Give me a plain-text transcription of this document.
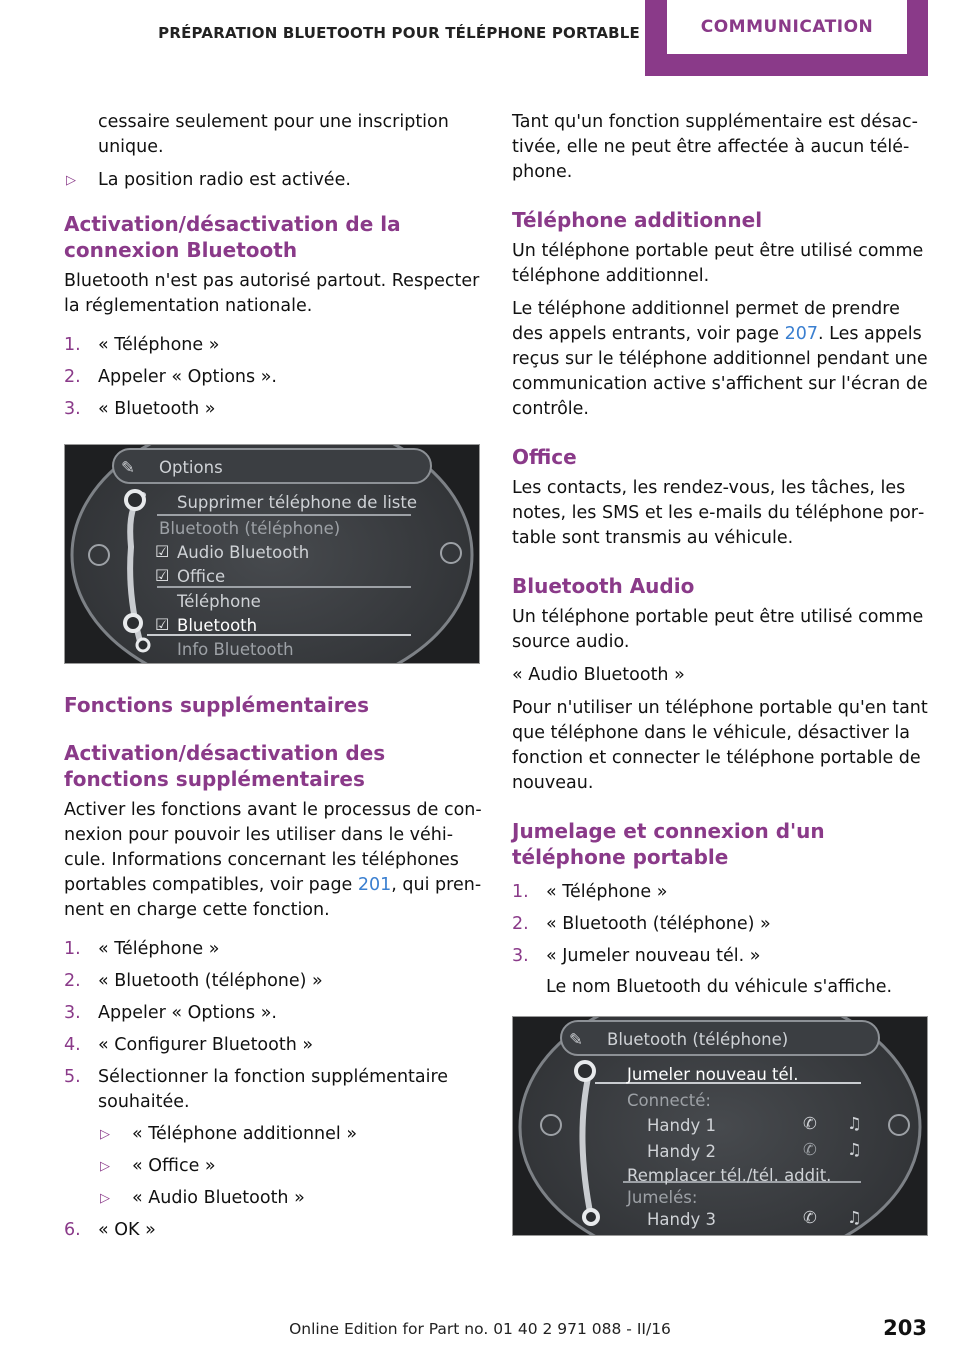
PRÉPARATION BLUETOOTH POUR TÉLÉPHONE PORTABLE	COMMUNICATION

cessaire seulement pour une inscription unique.

▷ La position radio est activée.
Activation/désactivation de la connexion Bluetooth

Bluetooth n'est pas autorisé partout. Respecter la réglementation nationale.

1. « Téléphone »
2. Appeler « Options ».
3. « Bluetooth »
✎ Options
Supprimer téléphone de liste
Bluetooth (téléphone)
☑ Audio Bluetooth
☑ Office
Téléphone
☑ Bluetooth
Info Bluetooth
Fonctions supplémentaires
Activation/désactivation des fonctions supplémentaires

Activer les fonctions avant le processus de connexion pour pouvoir les utiliser dans le véhicule. Informations concernant les téléphones portables compatibles, voir page 201, qui prennent en charge cette fonction.

1. « Téléphone »
2. « Bluetooth (téléphone) »
3. Appeler « Options ».
4. « Configurer Bluetooth »
5. Sélectionner la fonction supplémentaire souhaitée.
▷ « Téléphone additionnel »
▷ « Office »
▷ « Audio Bluetooth »
6. « OK »

Tant qu'un fonction supplémentaire est désactivée, elle ne peut être affectée à aucun téléphone.

Téléphone additionnel

Un téléphone portable peut être utilisé comme téléphone additionnel.

Le téléphone additionnel permet de prendre des appels entrants, voir page 207. Les appels reçus sur le téléphone additionnel pendant une communication active s'affichent sur l'écran de contrôle.

Office

Les contacts, les rendez-vous, les tâches, les notes, les SMS et les e-mails du téléphone portable sont transmis au véhicule.

Bluetooth Audio

Un téléphone portable peut être utilisé comme source audio.

« Audio Bluetooth »

Pour n'utiliser un téléphone portable qu'en tant que téléphone dans le véhicule, désactiver la fonction et connecter le téléphone portable de nouveau.

Jumelage et connexion d'un téléphone portable
1. « Téléphone »
2. « Bluetooth (téléphone) »
3. « Jumeler nouveau tél. »

Le nom Bluetooth du véhicule s'affiche.

✎ Bluetooth (téléphone)
Jumeler nouveau tél.
Connecté:
Handy 1	✆ ♫
Handy 2	✆ ♫
Remplacer tél./tél. addit.
Jumelés:
Handy 3	✆ ♫
203
Online Edition for Part no. 01 40 2 971 088 - II/16
